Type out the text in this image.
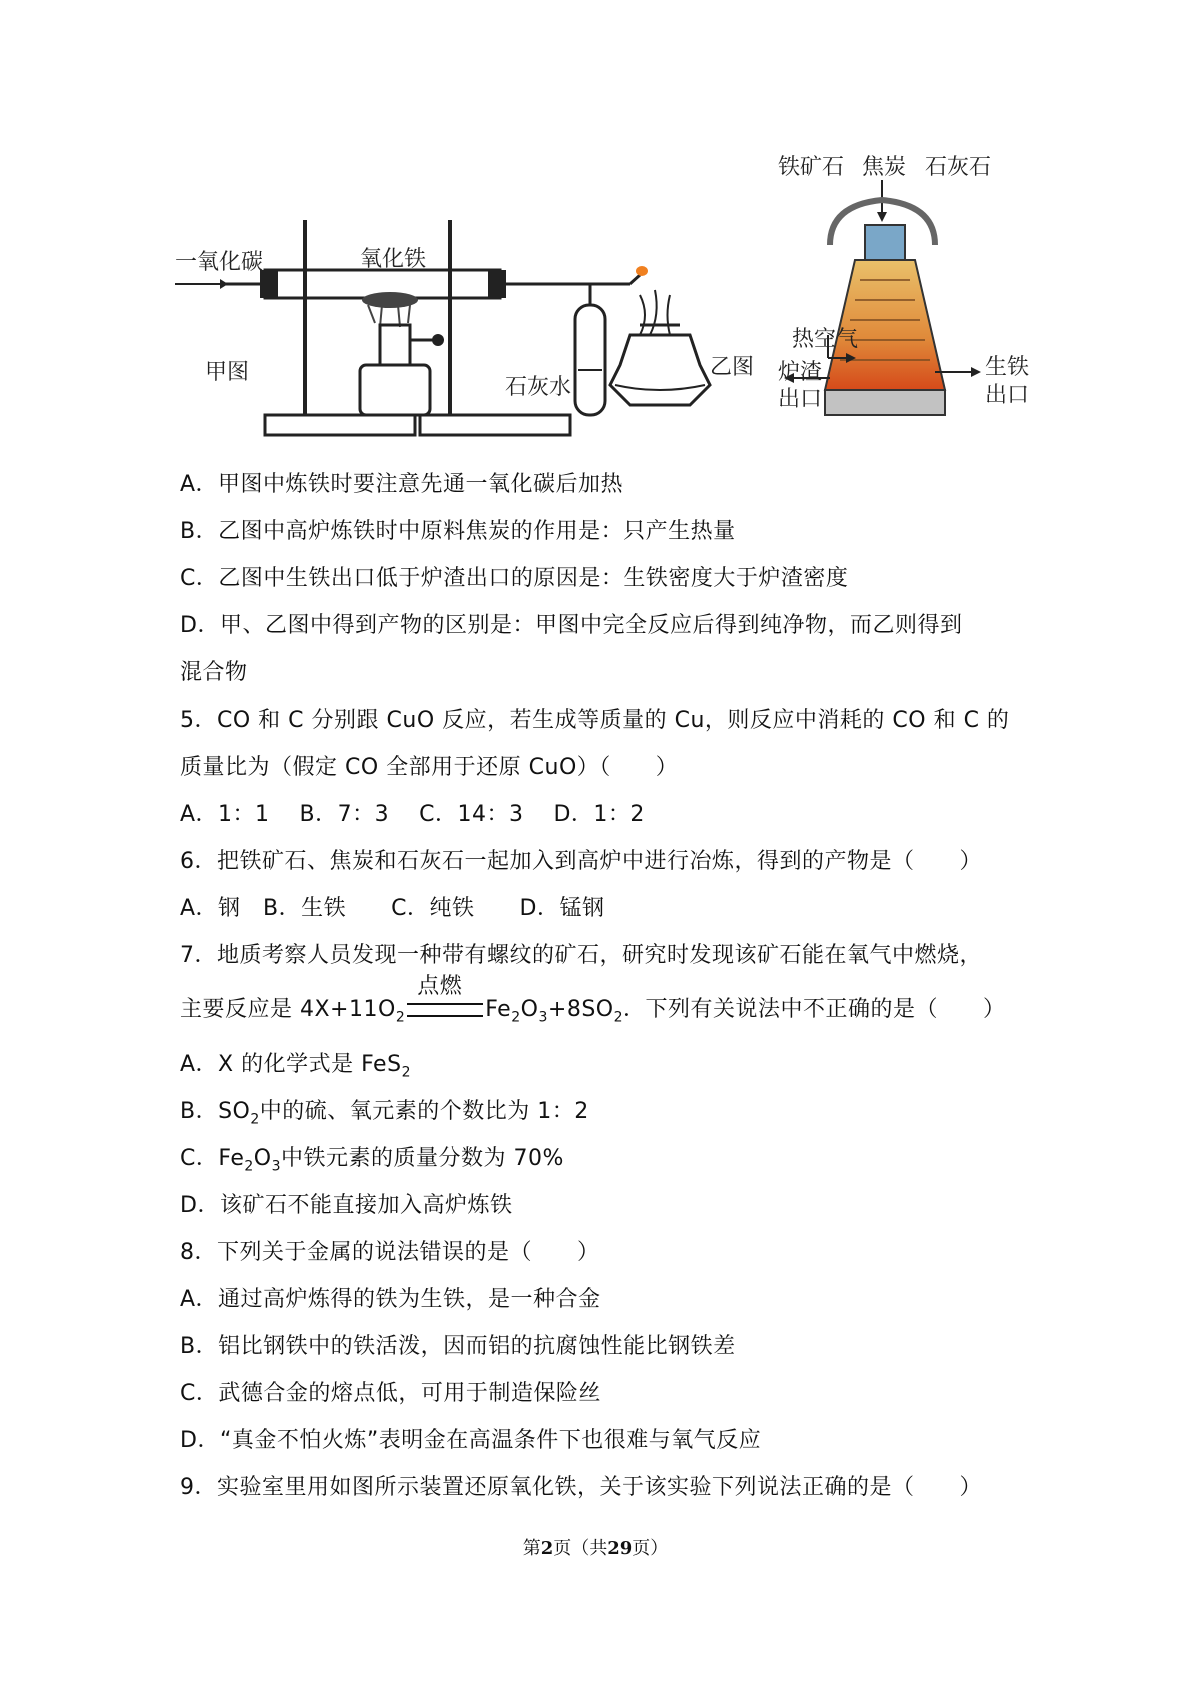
一氧化碳	氧化铁
甲图
石灰水
乙图
铁矿石 焦炭 石灰石
热空气
炉渣
出口
生铁
出口
A．甲图中炼铁时要注意先通一氧化碳后加热
B．乙图中高炉炼铁时中原料焦炭的作用是：只产生热量
C．乙图中生铁出口低于炉渣出口的原因是：生铁密度大于炉渣密度
D．甲、乙图中得到产物的区别是：甲图中完全反应后得到纯净物，而乙则得到
混合物
5．CO 和 C 分别跟 CuO 反应，若生成等质量的 Cu，则反应中消耗的 CO 和 C 的
质量比为（假定 CO 全部用于还原 CuO）（　　）
A．1：1　 B．7：3　 C．14：3　 D．1：2
6．把铁矿石、焦炭和石灰石一起加入到高炉中进行冶炼，得到的产物是（　　）
A．钢　B．生铁　　C．纯铁　　D．锰钢
7．地质考察人员发现一种带有螺纹的矿石，研究时发现该矿石能在氧气中燃烧，
主要反应是 $4X+11O_2$
点燃
$Fe_2O_3+8SO_2$．下列有关说法中不正确的是（　　）
A．X 的化学式是 FeS$_2$
B．$SO_2$中的硫、氧元素的个数比为 1：2
C．$Fe_2O_3$中铁元素的质量分数为 70%
D．该矿石不能直接加入高炉炼铁
8．下列关于金属的说法错误的是（　　）
A．通过高炉炼得的铁为生铁，是一种合金
B．铝比钢铁中的铁活泼，因而铝的抗腐蚀性能比钢铁差
C．武德合金的熔点低，可用于制造保险丝
D．“真金不怕火炼”表明金在高温条件下也很难与氧气反应
9．实验室里用如图所示装置还原氧化铁，关于该实验下列说法正确的是（　　）
第2页（共29页）
